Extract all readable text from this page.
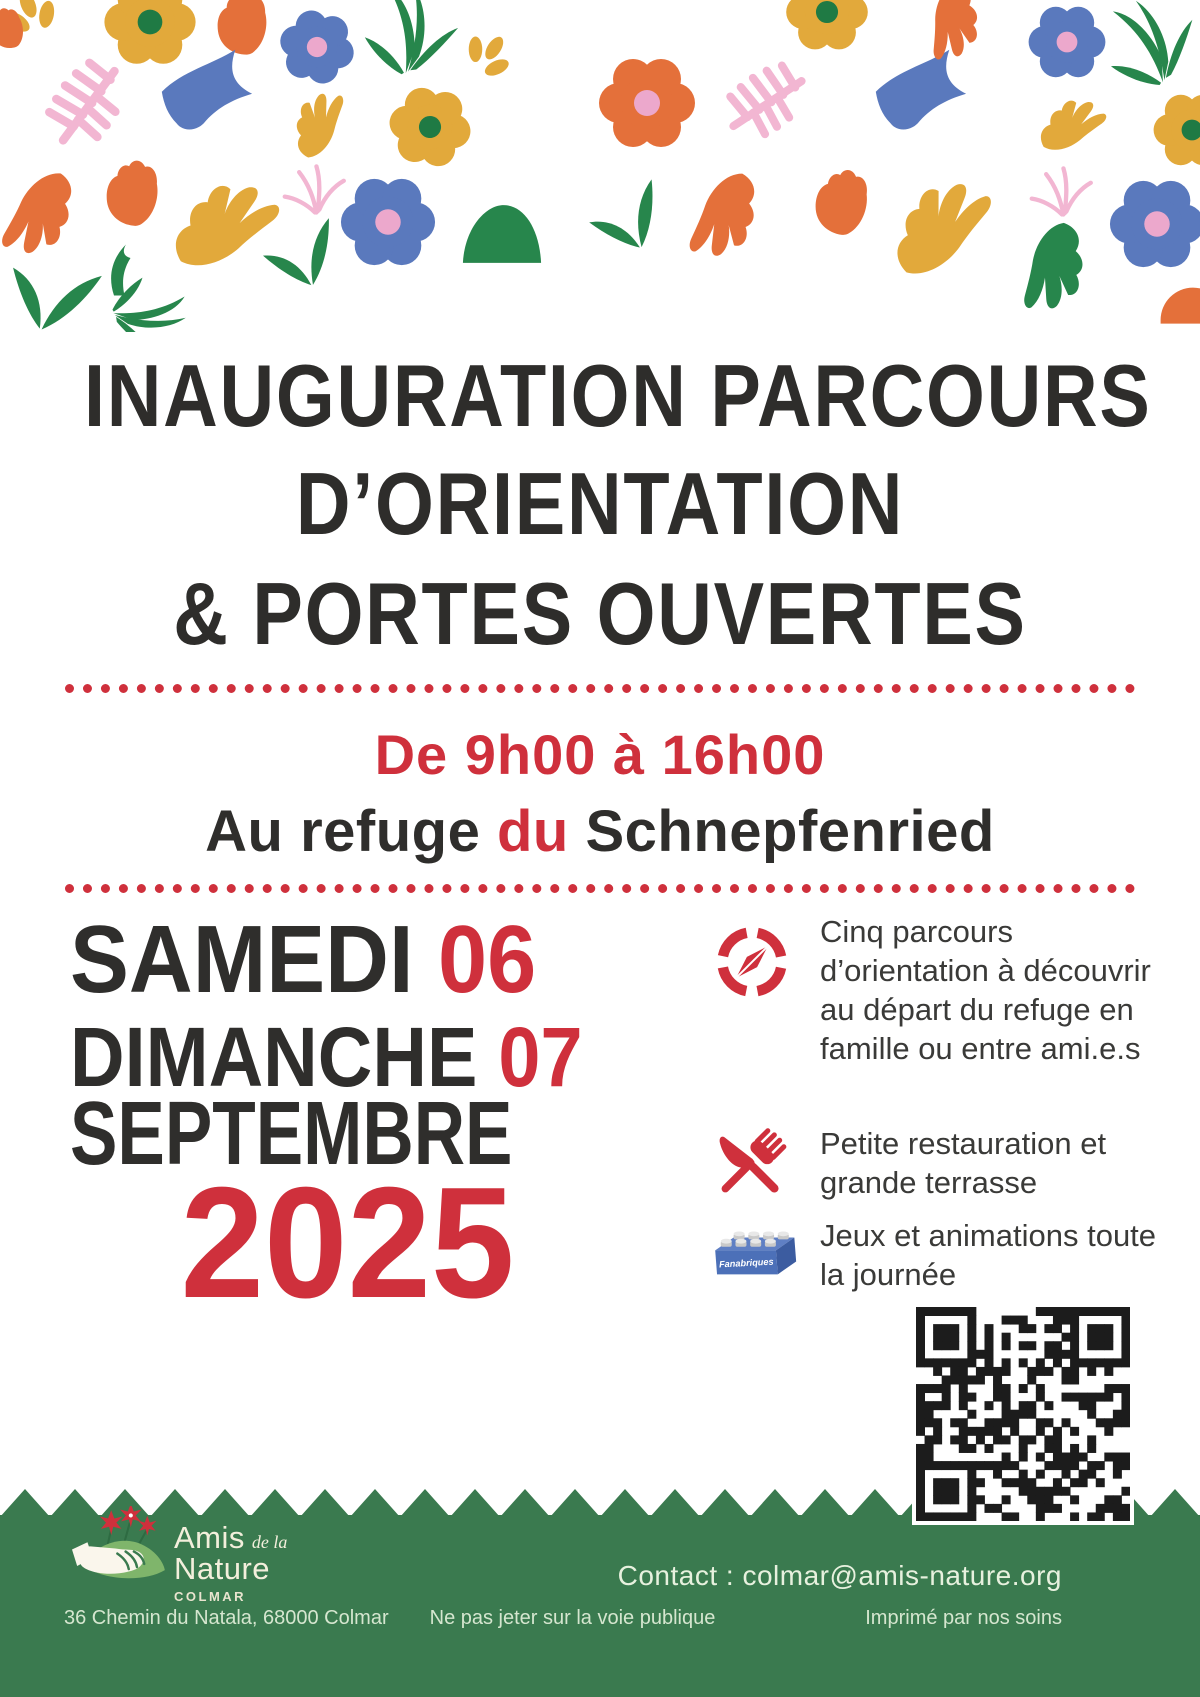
INAUGURATION PARCOURS
D’ORIENTATION
& PORTES OUVERTES
De 9h00 à 16h00
Au refuge du Schnepfenried
SAMEDI 06
DIMANCHE 07
SEPTEMBRE
2025

Cinq parcours d’orientation à découvrir au départ du refuge en famille ou entre ami.e.s

Petite restauration et grande terrasse

Fanabriques

Jeux et animations toute la journée

Amis de la
Nature
COLMAR
Contact : colmar@amis-nature.org
36 Chemin du Natala, 68000 Colmar	Ne pas jeter sur la voie publique	Imprimé par nos soins
